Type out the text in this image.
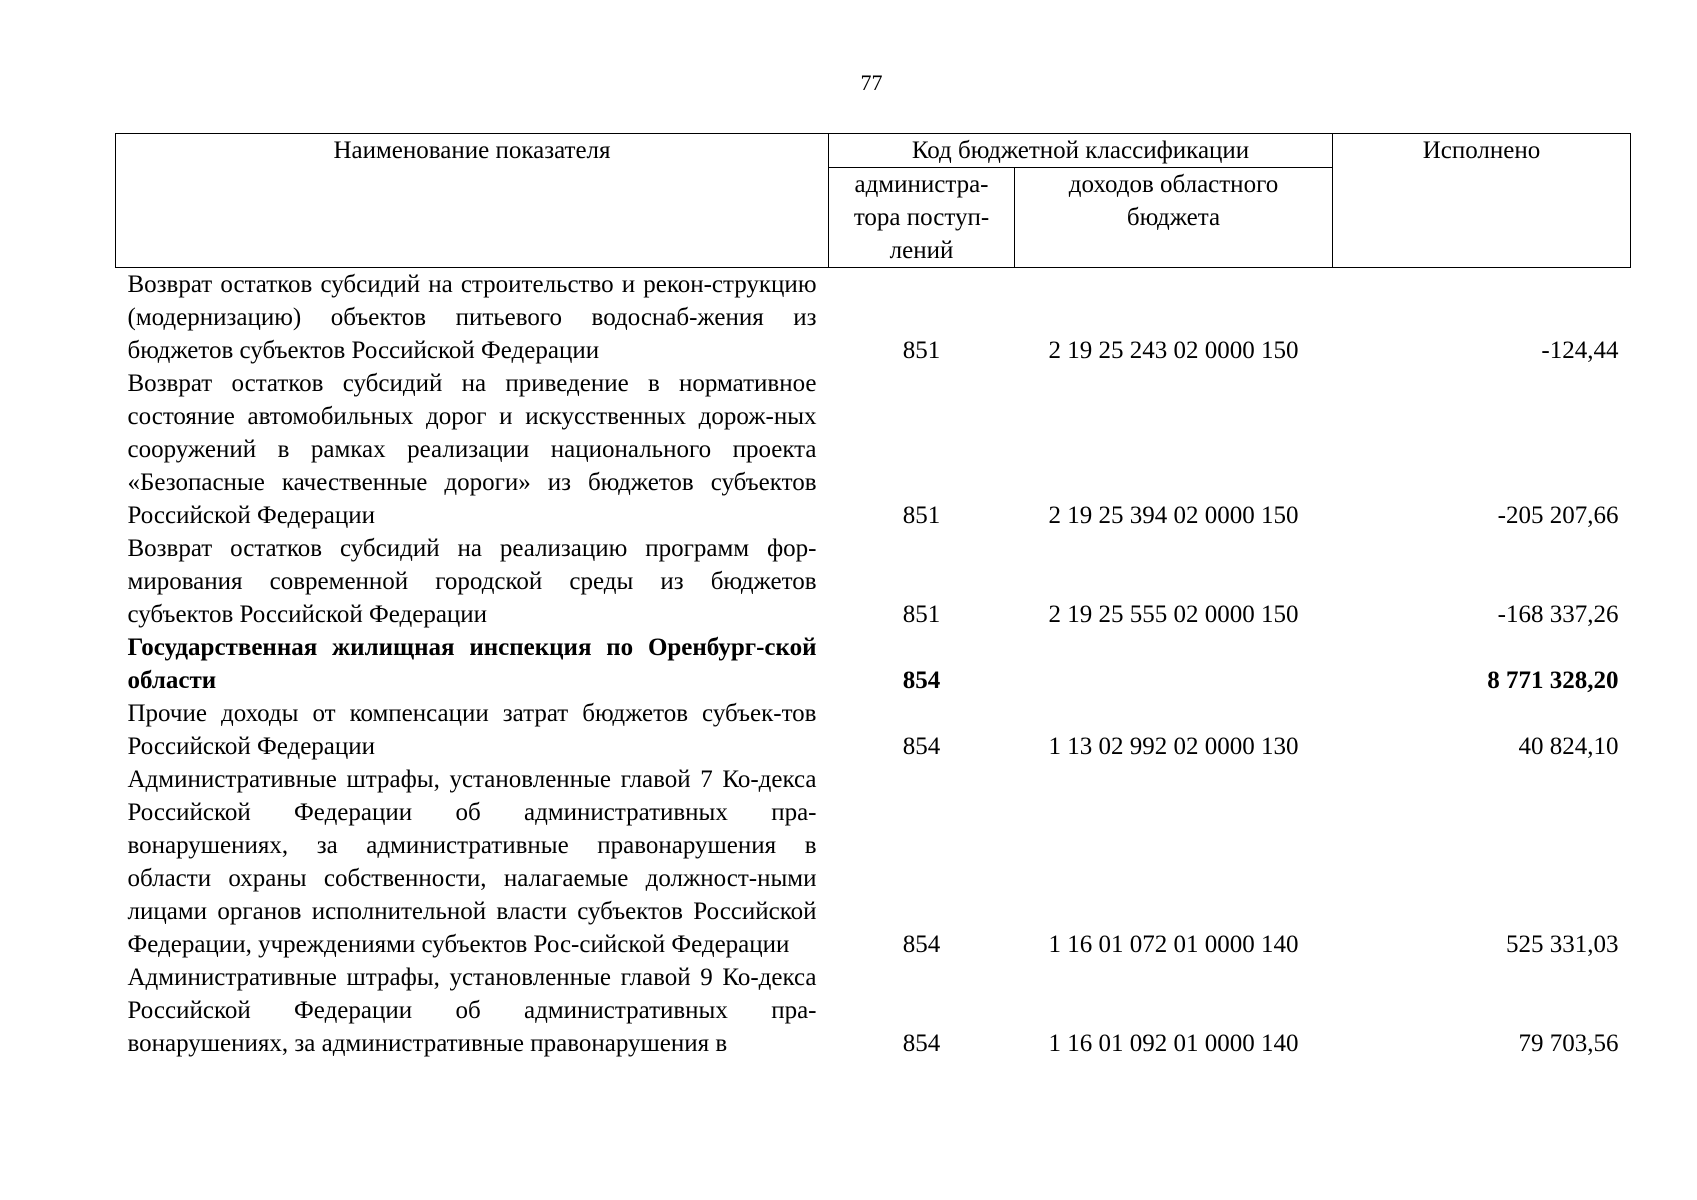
77
Наименование показателя	Код бюджетной классификации		Исполнено
	администра-тора поступ-лений	доходов областного бюджета	
Возврат остатков субсидий на строительство и рекон-струкцию (модернизацию) объектов питьевого водоснаб-жения из бюджетов субъектов Российской Федерации	851	2 19 25 243 02 0000 150	-124,44
Возврат остатков субсидий на приведение в нормативное состояние автомобильных дорог и искусственных дорож-ных сооружений в рамках реализации национального проекта «Безопасные качественные дороги» из бюджетов субъектов Российской Федерации	851	2 19 25 394 02 0000 150	-205 207,66
Возврат остатков субсидий на реализацию программ фор-мирования современной городской среды из бюджетов субъектов Российской Федерации	851	2 19 25 555 02 0000 150	-168 337,26
Государственная жилищная инспекция по Оренбург-ской области	854		8 771 328,20
Прочие доходы от компенсации затрат бюджетов субъек-тов Российской Федерации	854	1 13 02 992 02 0000 130	40 824,10
Административные штрафы, установленные главой 7 Ко-декса Российской Федерации об административных пра-вонарушениях, за административные правонарушения в области охраны собственности, налагаемые должност-ными лицами органов исполнительной власти субъектов Российской Федерации, учреждениями субъектов Рос-сийской Федерации	854	1 16 01 072 01 0000 140	525 331,03
Административные штрафы, установленные главой 9 Ко-декса Российской Федерации об административных пра-вонарушениях, за административные правонарушения в	854	1 16 01 092 01 0000 140	79 703,56
